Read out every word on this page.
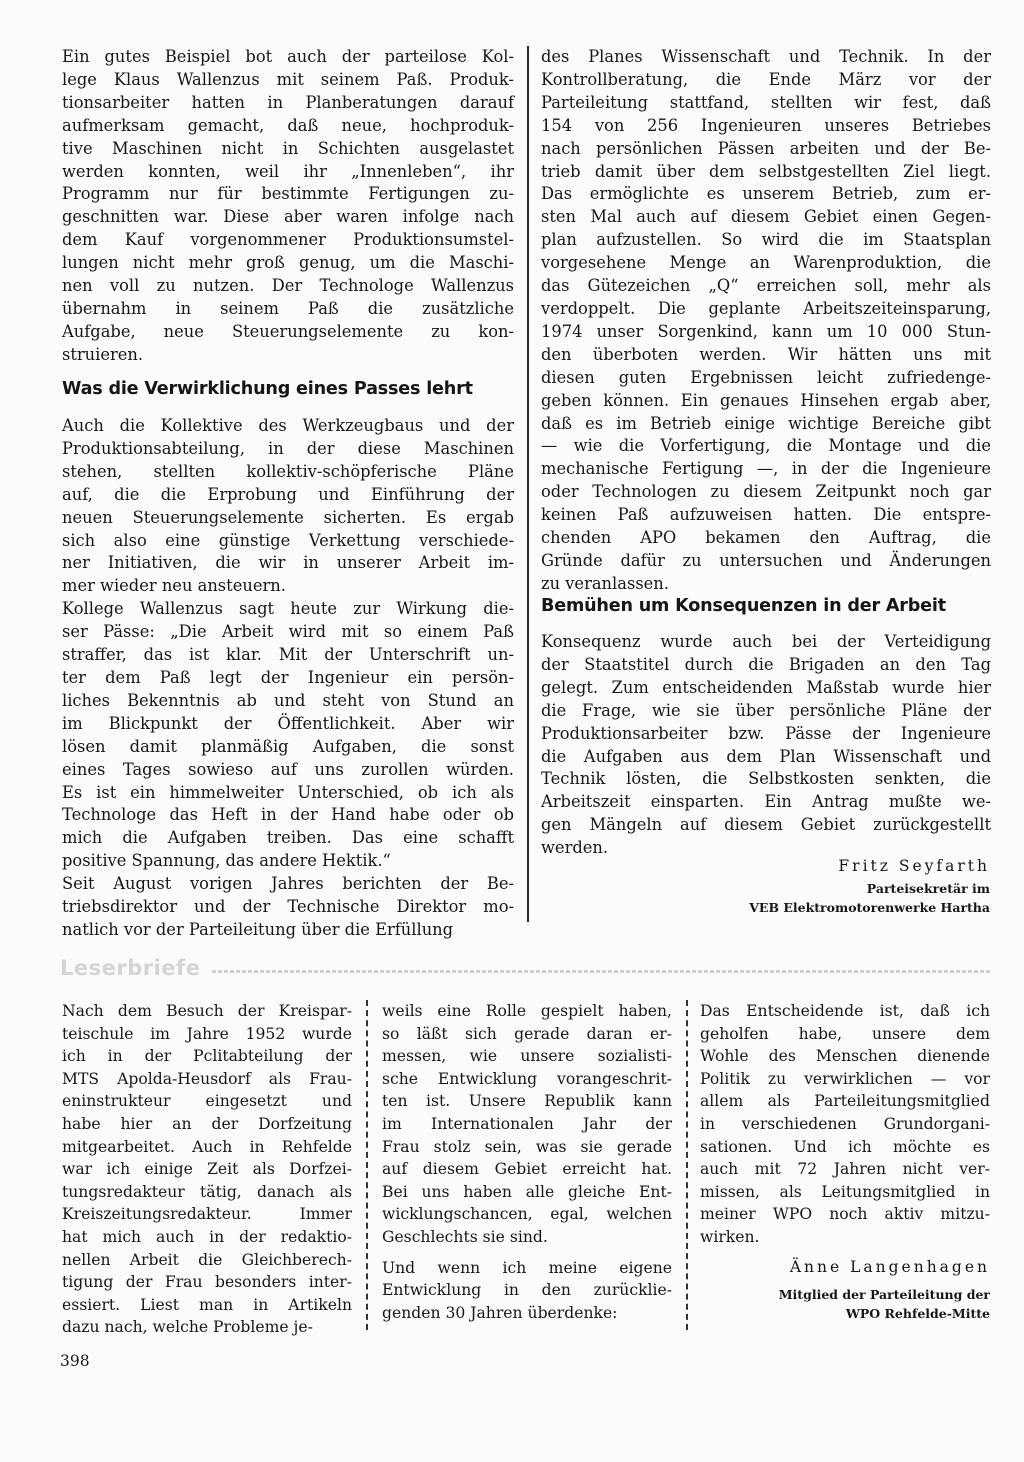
Ein gutes Beispiel bot auch der parteilose Kol-
lege Klaus Wallenzus mit seinem Paß. Produk-
tionsarbeiter hatten in Planberatungen darauf
aufmerksam gemacht, daß neue, hochproduk-
tive Maschinen nicht in Schichten ausgelastet
werden konnten, weil ihr „Innenleben“, ihr
Programm nur für bestimmte Fertigungen zu-
geschnitten war. Diese aber waren infolge nach
dem Kauf vorgenommener Produktionsumstel-
lungen nicht mehr groß genug, um die Maschi-
nen voll zu nutzen. Der Technologe Wallenzus
übernahm in seinem Paß die zusätzliche
Aufgabe, neue Steuerungselemente zu kon-
struieren.

Was die Verwirklichung eines Passes lehrt

Auch die Kollektive des Werkzeugbaus und der
Produktionsabteilung, in der diese Maschinen
stehen, stellten kollektiv-schöpferische Pläne
auf, die die Erprobung und Einführung der
neuen Steuerungselemente sicherten. Es ergab
sich also eine günstige Verkettung verschiede-
ner Initiativen, die wir in unserer Arbeit im-
mer wieder neu ansteuern.

Kollege Wallenzus sagt heute zur Wirkung die-
ser Pässe: „Die Arbeit wird mit so einem Paß
straffer, das ist klar. Mit der Unterschrift un-
ter dem Paß legt der Ingenieur ein persön-
liches Bekenntnis ab und steht von Stund an
im Blickpunkt der Öffentlichkeit. Aber wir
lösen damit planmäßig Aufgaben, die sonst
eines Tages sowieso auf uns zurollen würden.
Es ist ein himmelweiter Unterschied, ob ich als
Technologe das Heft in der Hand habe oder ob
mich die Aufgaben treiben. Das eine schafft
positive Spannung, das andere Hektik.“

Seit August vorigen Jahres berichten der Be-
triebsdirektor und der Technische Direktor mo-
natlich vor der Parteileitung über die Erfüllung

des Planes Wissenschaft und Technik. In der
Kontrollberatung, die Ende März vor der
Parteileitung stattfand, stellten wir fest, daß
154 von 256 Ingenieuren unseres Betriebes
nach persönlichen Pässen arbeiten und der Be-
trieb damit über dem selbstgestellten Ziel liegt.
Das ermöglichte es unserem Betrieb, zum er-
sten Mal auch auf diesem Gebiet einen Gegen-
plan aufzustellen. So wird die im Staatsplan
vorgesehene Menge an Warenproduktion, die
das Gütezeichen „Q“ erreichen soll, mehr als
verdoppelt. Die geplante Arbeitszeiteinsparung,
1974 unser Sorgenkind, kann um 10 000 Stun-
den überboten werden. Wir hätten uns mit
diesen guten Ergebnissen leicht zufriedenge-
geben können. Ein genaues Hinsehen ergab aber,
daß es im Betrieb einige wichtige Bereiche gibt
— wie die Vorfertigung, die Montage und die
mechanische Fertigung —, in der die Ingenieure
oder Technologen zu diesem Zeitpunkt noch gar
keinen Paß aufzuweisen hatten. Die entspre-
chenden APO bekamen den Auftrag, die
Gründe dafür zu untersuchen und Änderungen
zu veranlassen.

Bemühen um Konsequenzen in der Arbeit

Konsequenz wurde auch bei der Verteidigung
der Staatstitel durch die Brigaden an den Tag
gelegt. Zum entscheidenden Maßstab wurde hier
die Frage, wie sie über persönliche Pläne der
Produktionsarbeiter bzw. Pässe der Ingenieure
die Aufgaben aus dem Plan Wissenschaft und
Technik lösten, die Selbstkosten senkten, die
Arbeitszeit einsparten. Ein Antrag mußte we-
gen Mängeln auf diesem Gebiet zurückgestellt
werden.

Fritz Seyfarth
Parteisekretär im
VEB Elektromotorenwerke Hartha
Leserbriefe

Nach dem Besuch der Kreispar-
teischule im Jahre 1952 wurde
ich in der Pclitabteilung der
MTS Apolda-Heusdorf als Frau-
eninstrukteur eingesetzt und
habe hier an der Dorfzeitung
mitgearbeitet. Auch in Rehfelde
war ich einige Zeit als Dorfzei-
tungsredakteur tätig, danach als
Kreiszeitungsredakteur. Immer
hat mich auch in der redaktio-
nellen Arbeit die Gleichberech-
tigung der Frau besonders inter-
essiert. Liest man in Artikeln
dazu nach, welche Probleme je-

weils eine Rolle gespielt haben,
so läßt sich gerade daran er-
messen, wie unsere sozialisti-
sche Entwicklung vorangeschrit-
ten ist. Unsere Republik kann
im Internationalen Jahr der
Frau stolz sein, was sie gerade
auf diesem Gebiet erreicht hat.
Bei uns haben alle gleiche Ent-
wicklungschancen, egal, welchen
Geschlechts sie sind.

Und wenn ich meine eigene
Entwicklung in den zurücklie-
genden 30 Jahren überdenke:

Das Entscheidende ist, daß ich
geholfen habe, unsere dem
Wohle des Menschen dienende
Politik zu verwirklichen — vor
allem als Parteileitungsmitglied
in verschiedenen Grundorgani-
sationen. Und ich möchte es
auch mit 72 Jahren nicht ver-
missen, als Leitungsmitglied in
meiner WPO noch aktiv mitzu-
wirken.

Änne Langenhagen
Mitglied der Parteileitung der
WPO Rehfelde-Mitte
398
